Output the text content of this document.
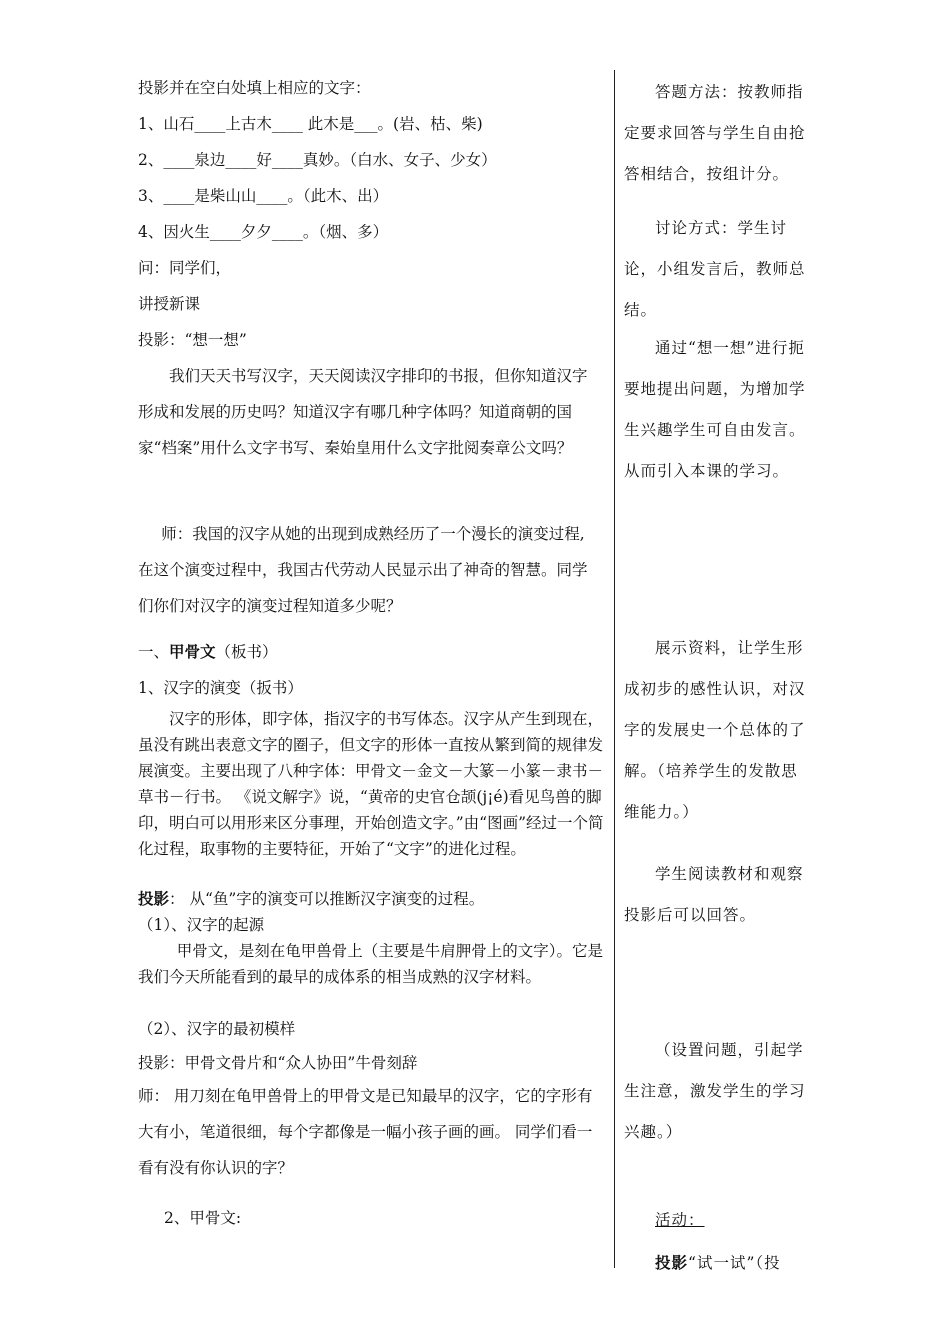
投影并在空白处填上相应的文字：
1、山石____上古木____ 此木是___。(岩、枯、柴)
2、____泉边____好____真妙。（白水、女子、少女）
3、____是柴山山____。（此木、出）
4、因火生____夕夕____。（烟、多）
问：同学们，
讲授新课
投影：“想一想”

我们天天书写汉字，天天阅读汉字排印的书报，但你知道汉字形成和发展的历史吗？知道汉字有哪几种字体吗？知道商朝的国家“档案”用什么文字书写、秦始皇用什么文字批阅奏章公文吗？

师：我国的汉字从她的出现到成熟经历了一个漫长的演变过程,在这个演变过程中，我国古代劳动人民显示出了神奇的智慧。同学们你们对汉字的演变过程知道多少呢？

一、甲骨文（板书）
1、汉字的演变（扳书）

汉字的形体，即字体，指汉字的书写体态。汉字从产生到现在，虽没有跳出表意文字的圈子，但文字的形体一直按从繁到简的规律发展演变。主要出现了八种字体：甲骨文－金文－大篆－小篆－隶书－草书－行书。 《说文解字》说，“黄帝的史官仓颉(j¡é)看见鸟兽的脚印，明白可以用形来区分事理，开始创造文字。”由“图画”经过一个简化过程，取事物的主要特征，开始了“文字”的进化过程。

投影： 从“鱼”字的演变可以推断汉字演变的过程。
（1）、汉字的起源

甲骨文，是刻在龟甲兽骨上（主要是牛肩胛骨上的文字）。它是我们今天所能看到的最早的成体系的相当成熟的汉字材料。

（2）、汉字的最初模样
投影：甲骨文骨片和“众人协田”牛骨刻辞

师： 用刀刻在龟甲兽骨上的甲骨文是已知最早的汉字，它的字形有大有小，笔道很细，每个字都像是一幅小孩子画的画。 同学们看一看有没有你认识的字？

2、甲骨文:

答题方法：按教师指定要求回答与学生自由抢答相结合，按组计分。

讨论方式：学生讨论，小组发言后，教师总结。

通过“想一想”进行扼要地提出问题，为增加学生兴趣学生可自由发言。从而引入本课的学习。

展示资料，让学生形成初步的感性认识，对汉字的发展史一个总体的了解。（培养学生的发散思维能力。）

学生阅读教材和观察投影后可以回答。

（设置问题，引起学生注意，激发学生的学习兴趣。）

活动：

投影“试一试”（投
